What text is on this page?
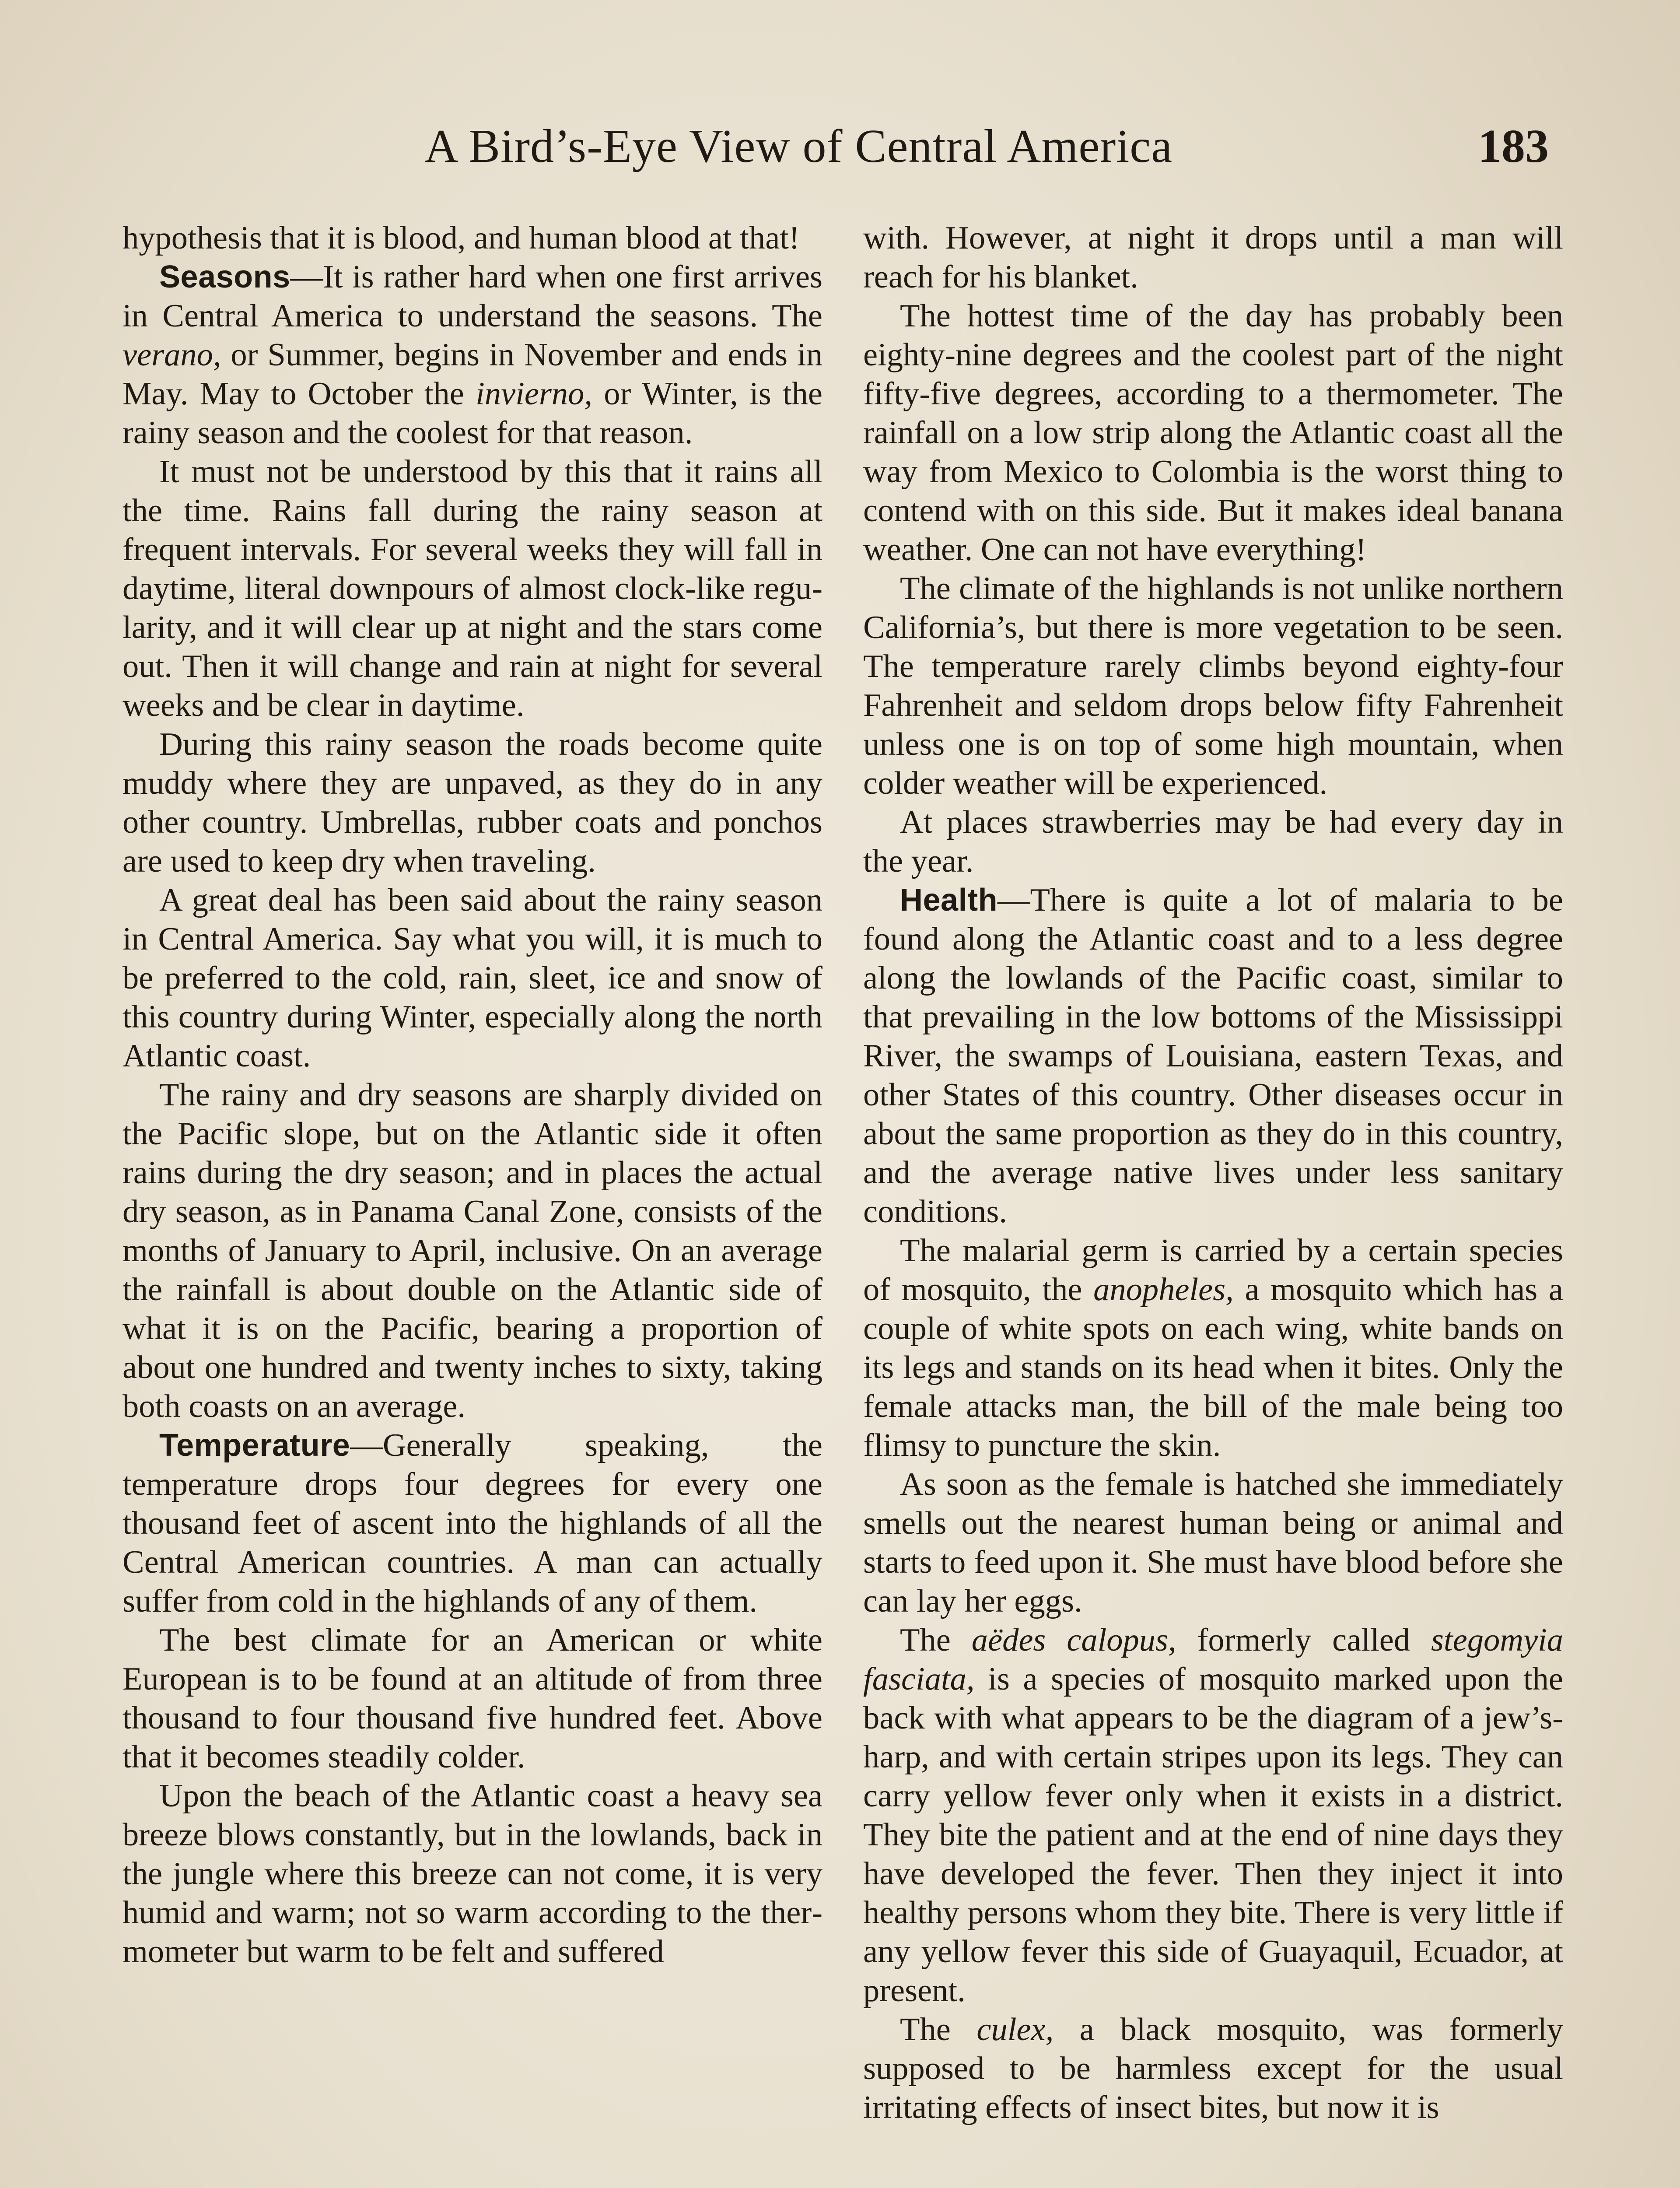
A Bird’s-Eye View of Central America	183

hypothesis that it is blood, and human blood at that!

Seasons—It is rather hard when one first arrives in Central America to understand the seasons. The verano, or Summer, begins in November and ends in May. May to October the invierno, or Winter, is the rainy season and the coolest for that reason.

It must not be understood by this that it rains all the time. Rains fall during the rainy season at frequent intervals. For several weeks they will fall in daytime, literal downpours of almost clock-like regularity, and it will clear up at night and the stars come out. Then it will change and rain at night for several weeks and be clear in daytime.

During this rainy season the roads become quite muddy where they are unpaved, as they do in any other country. Umbrellas, rubber coats and ponchos are used to keep dry when traveling.

A great deal has been said about the rainy season in Central America. Say what you will, it is much to be preferred to the cold, rain, sleet, ice and snow of this country during Winter, especially along the north Atlantic coast.

The rainy and dry seasons are sharply divided on the Pacific slope, but on the Atlantic side it often rains during the dry season; and in places the actual dry season, as in Panama Canal Zone, consists of the months of January to April, inclusive. On an average the rainfall is about double on the Atlantic side of what it is on the Pacific, bearing a proportion of about one hundred and twenty inches to sixty, taking both coasts on an average.

Temperature—Generally speaking, the temperature drops four degrees for every one thousand feet of ascent into the highlands of all the Central American countries. A man can actually suffer from cold in the highlands of any of them.

The best climate for an American or white European is to be found at an altitude of from three thousand to four thousand five hundred feet. Above that it becomes steadily colder.

Upon the beach of the Atlantic coast a heavy sea breeze blows constantly, but in the lowlands, back in the jungle where this breeze can not come, it is very humid and warm; not so warm according to the thermometer but warm to be felt and suffered

with. However, at night it drops until a man will reach for his blanket.

The hottest time of the day has probably been eighty-nine degrees and the coolest part of the night fifty-five degrees, according to a thermometer. The rainfall on a low strip along the Atlantic coast all the way from Mexico to Colombia is the worst thing to contend with on this side. But it makes ideal banana weather. One can not have everything!

The climate of the highlands is not unlike northern California’s, but there is more vegetation to be seen. The temperature rarely climbs beyond eighty-four Fahrenheit and seldom drops below fifty Fahrenheit unless one is on top of some high mountain, when colder weather will be experienced.

At places strawberries may be had every day in the year.

Health—There is quite a lot of malaria to be found along the Atlantic coast and to a less degree along the lowlands of the Pacific coast, similar to that prevailing in the low bottoms of the Mississippi River, the swamps of Louisiana, eastern Texas, and other States of this country. Other diseases occur in about the same proportion as they do in this country, and the average native lives under less sanitary conditions.

The malarial germ is carried by a certain species of mosquito, the anopheles, a mosquito which has a couple of white spots on each wing, white bands on its legs and stands on its head when it bites. Only the female attacks man, the bill of the male being too flimsy to puncture the skin.

As soon as the female is hatched she immediately smells out the nearest human being or animal and starts to feed upon it. She must have blood before she can lay her eggs.

The aëdes calopus, formerly called stegomyia fasciata, is a species of mosquito marked upon the back with what appears to be the diagram of a jew’s-harp, and with certain stripes upon its legs. They can carry yellow fever only when it exists in a district. They bite the patient and at the end of nine days they have developed the fever. Then they inject it into healthy persons whom they bite. There is very little if any yellow fever this side of Guayaquil, Ecuador, at present.

The culex, a black mosquito, was formerly supposed to be harmless except for the usual irritating effects of insect bites, but now it is
